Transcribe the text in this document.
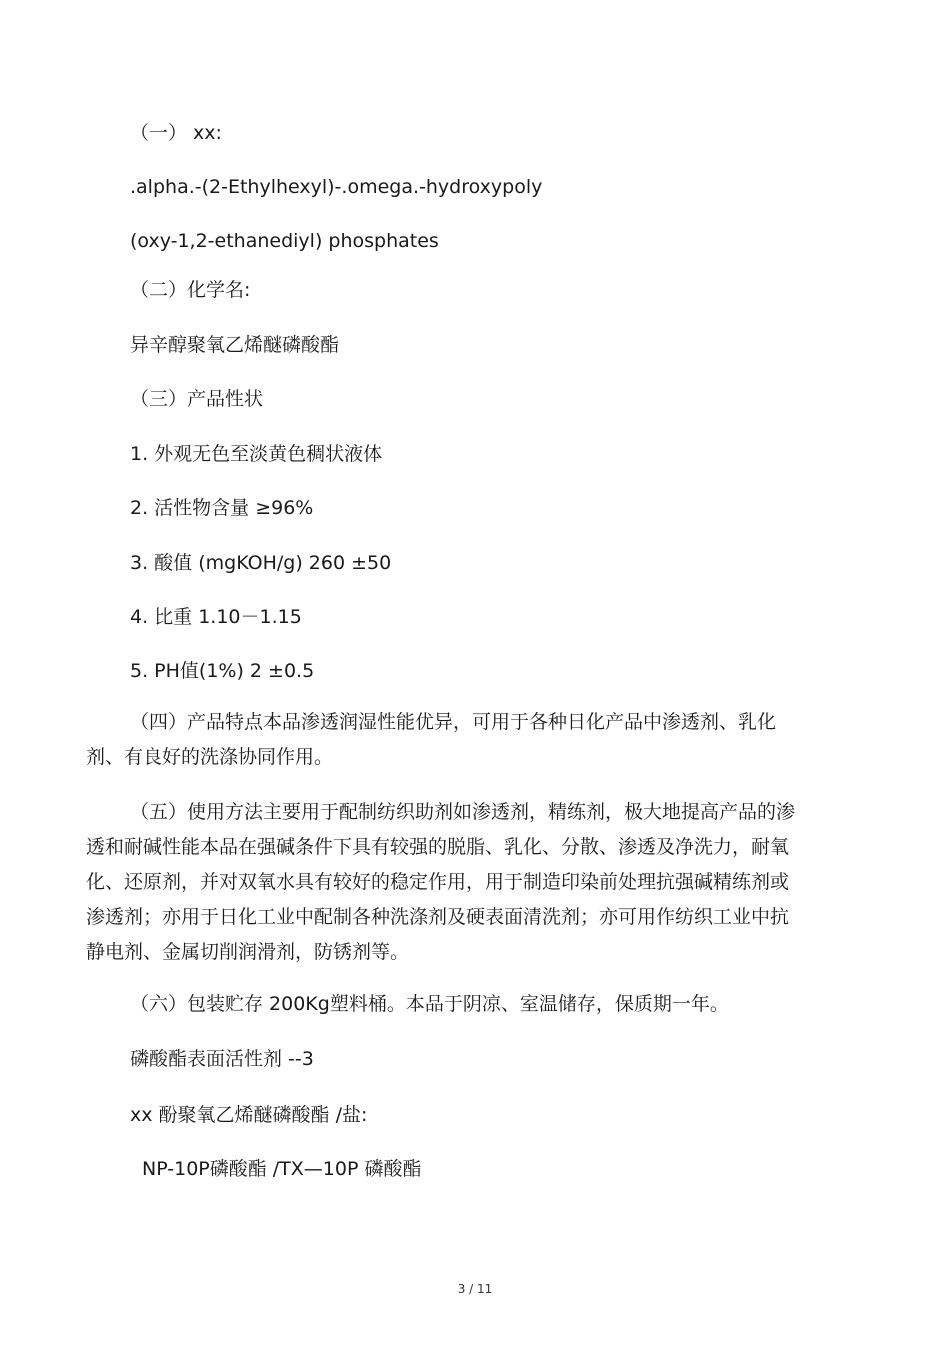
（一） xx:
.alpha.-(2-Ethylhexyl)-.omega.-hydroxypoly
(oxy-1,2-ethanediyl) phosphates
（二）化学名:
异辛醇聚氧乙烯醚磷酸酯
（三）产品性状
1. 外观无色至淡黄色稠状液体
2. 活性物含量 ≥96%
3. 酸值 (mgKOH/g) 260 ±50
4. 比重 1.10－1.15
5. PH值(1%) 2 ±0.5
（四）产品特点本品渗透润湿性能优异，可用于各种日化产品中渗透剂、乳化剂、有良好的洗涤协同作用。
（五）使用方法主要用于配制纺织助剂如渗透剂，精练剂，极大地提高产品的渗透和耐碱性能本品在强碱条件下具有较强的脱脂、乳化、分散、渗透及净洗力，耐氧化、还原剂，并对双氧水具有较好的稳定作用，用于制造印染前处理抗强碱精练剂或渗透剂；亦用于日化工业中配制各种洗涤剂及硬表面清洗剂；亦可用作纺织工业中抗静电剂、金属切削润滑剂，防锈剂等。
（六）包装贮存 200Kg塑料桶。本品于阴凉、室温储存，保质期一年。
磷酸酯表面活性剂 --3
xx 酚聚氧乙烯醚磷酸酯 /盐:
NP-10P磷酸酯 /TX—10P 磷酸酯
3 / 11
